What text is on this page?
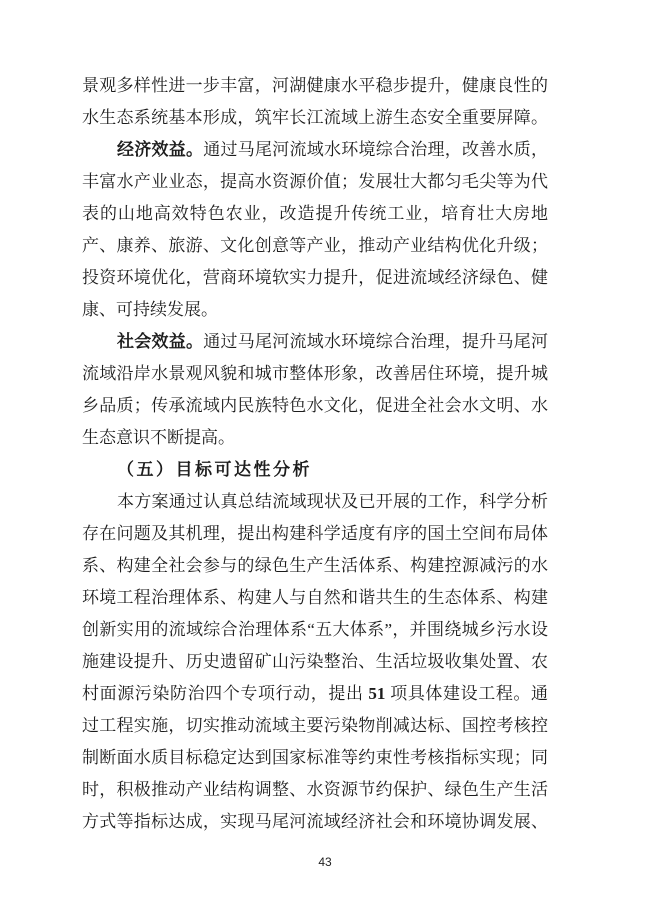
景观多样性进一步丰富，河湖健康水平稳步提升，健康良性的
水生态系统基本形成，筑牢长江流域上游生态安全重要屏障。
经济效益。通过马尾河流域水环境综合治理，改善水质，
丰富水产业业态，提高水资源价值；发展壮大都匀毛尖等为代
表的山地高效特色农业，改造提升传统工业，培育壮大房地
产、康养、旅游、文化创意等产业，推动产业结构优化升级；
投资环境优化，营商环境软实力提升，促进流域经济绿色、健
康、可持续发展。
社会效益。通过马尾河流域水环境综合治理，提升马尾河
流域沿岸水景观风貌和城市整体形象，改善居住环境，提升城
乡品质；传承流域内民族特色水文化，促进全社会水文明、水
生态意识不断提高。
（五）目标可达性分析
本方案通过认真总结流域现状及已开展的工作，科学分析
存在问题及其机理，提出构建科学适度有序的国土空间布局体
系、构建全社会参与的绿色生产生活体系、构建控源减污的水
环境工程治理体系、构建人与自然和谐共生的生态体系、构建
创新实用的流域综合治理体系“五大体系”，并围绕城乡污水设
施建设提升、历史遗留矿山污染整治、生活垃圾收集处置、农
村面源污染防治四个专项行动，提出 51 项具体建设工程。通
过工程实施，切实推动流域主要污染物削减达标、国控考核控
制断面水质目标稳定达到国家标准等约束性考核指标实现；同
时，积极推动产业结构调整、水资源节约保护、绿色生产生活
方式等指标达成，实现马尾河流域经济社会和环境协调发展、
43
